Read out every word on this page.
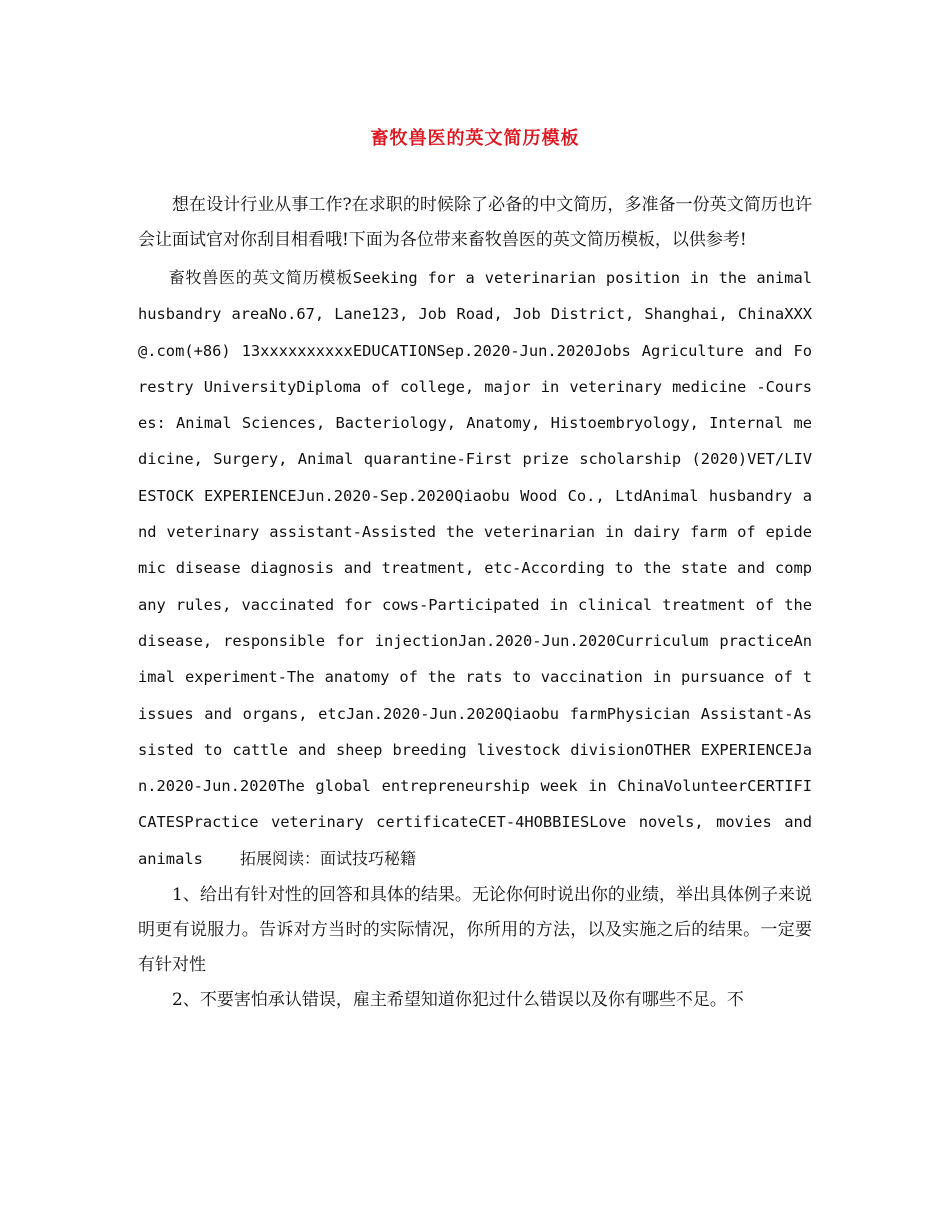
畜牧兽医的英文简历模板

想在设计行业从事工作?在求职的时候除了必备的中文简历，多准备一份英文简历也许会让面试官对你刮目相看哦!下面为各位带来畜牧兽医的英文简历模板，以供参考!

畜牧兽医的英文简历模板Seeking for a veterinarian position in the animal husbandry areaNo.67, Lane123, Job Road, Job District, Shanghai, ChinaXXX@.com(+86) 13xxxxxxxxxxEDUCATIONSep.2020-Jun.2020Jobs Agriculture and Forestry UniversityDiploma of college, major in veterinary medicine -Courses: Animal Sciences, Bacteriology, Anatomy, Histoembryology, Internal medicine, Surgery, Animal quarantine-First prize scholarship (2020)VET/LIVESTOCK EXPERIENCEJun.2020-Sep.2020Qiaobu Wood Co., LtdAnimal husbandry and veterinary assistant-Assisted the veterinarian in dairy farm of epidemic disease diagnosis and treatment, etc-According to the state and company rules, vaccinated for cows-Participated in clinical treatment of the disease, responsible for injectionJan.2020-Jun.2020Curriculum practiceAnimal experiment-The anatomy of the rats to vaccination in pursuance of tissues and organs, etcJan.2020-Jun.2020Qiaobu farmPhysician Assistant-Assisted to cattle and sheep breeding livestock divisionOTHER EXPERIENCEJan.2020-Jun.2020The global entrepreneurship week in ChinaVolunteerCERTIFICATESPractice veterinary certificateCET-4HOBBIESLove novels, movies and animals 拓展阅读：面试技巧秘籍

1、给出有针对性的回答和具体的结果。无论你何时说出你的业绩，举出具体例子来说明更有说服力。告诉对方当时的实际情况，你所用的方法，以及实施之后的结果。一定要有针对性

2、不要害怕承认错误，雇主希望知道你犯过什么错误以及你有哪些不足。不
